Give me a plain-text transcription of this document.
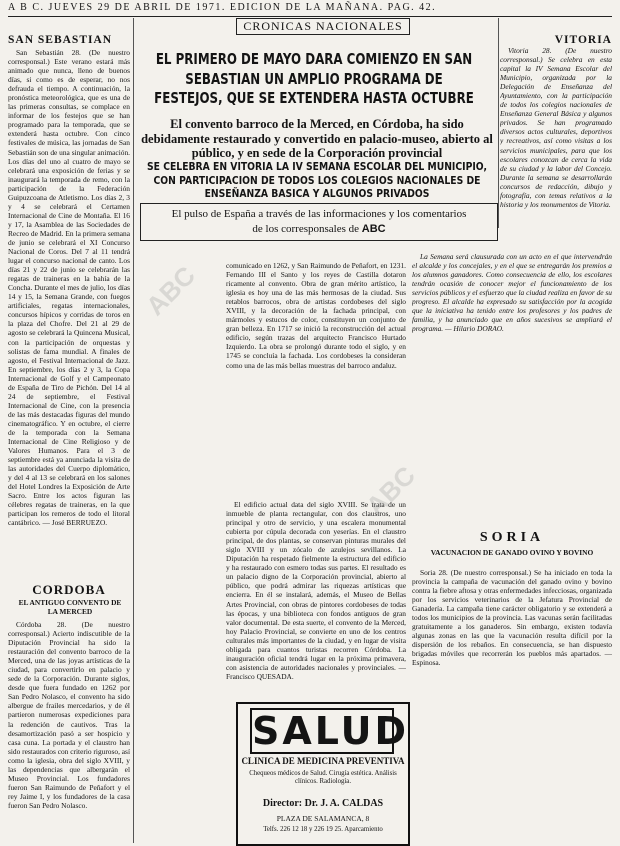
A B C. JUEVES 29 DE ABRIL DE 1971. EDICION DE LA MAÑANA. PAG. 42.
SAN SEBASTIAN
San Sebastián 28. (De nuestro corresponsal.) Este verano estará más animado que nunca, lleno de buenos días, si como es de esperar, no nos defrauda el tiempo. A continuación, la pronóstica meteorológica, que es una de las primeras consultas, se complace en informar de los festejos que se han programado para la temporada, que se extenderá hasta octubre. Con cinco festivales de música, las jornadas de San Sebastián son de una singular animación. Los días del uno al cuatro de mayo se celebrará una exposición de ferias y se inaugurará la temporada de remo, con la participación de la Federación Guipuzcoana de Atletismo. Los días 2, 3 y 4 se celebrará el Certamen Internacional de Cine de Montaña. El 16 y 17, la Asamblea de las Sociedades de Recreo de Madrid. En la primera semana de junio se celebrará el XI Concurso Nacional de Coros. Del 7 al 11 tendrá lugar el concurso nacional de canto. Los días 21 y 22 de junio se celebrarán las regatas de traineras en la bahía de la Concha. Durante el mes de julio, los días 14 y 15, la Semana Grande, con fuegos artificiales, regatas internacionales, concursos hípicos y corridas de toros en la plaza del Chofre. Del 21 al 29 de agosto se celebrará la Quincena Musical, con la participación de orquestas y solistas de fama mundial. A finales de agosto, el Festival Internacional de Jazz. En septiembre, los días 2 y 3, la Copa Internacional de Golf y el Campeonato de España de Tiro de Pichón. Del 14 al 24 de septiembre, el Festival Internacional de Cine, con la presencia de las más destacadas figuras del mundo cinematográfico. Y en octubre, el cierre de la temporada con la Semana Internacional de Cine Religioso y de Valores Humanos. Para el 3 de septiembre está ya anunciada la visita de las autoridades del Cuerpo diplomático, y del 4 al 13 se celebrará en los salones del Hotel Londres la Exposición de Arte Sacro. Entre los actos figuran las célebres regatas de traineras, en la que participan los remeros de todo el litoral cantábrico. — José BERRUEZO.
CORDOBA
EL ANTIGUO CONVENTO DE LA MERCED
Córdoba 28. (De nuestro corresponsal.) Acierto indiscutible de la Diputación Provincial ha sido la restauración del convento barroco de la Merced, una de las joyas artísticas de la ciudad, para convertirlo en palacio y sede de la Corporación. Durante siglos, desde que fuera fundado en 1262 por San Pedro Nolasco, el convento ha sido albergue de frailes mercedarios, y de él partieron numerosas expediciones para la redención de cautivos. Tras la desamortización pasó a ser hospicio y casa cuna. La portada y el claustro han sido restaurados con criterio riguroso, así como la iglesia, obra del siglo XVIII, y las dependencias que albergarán el Museo Provincial. Los fundadores fueron San Raimundo de Peñafort y el rey Jaime I, y los fundadores de la casa fueron San Pedro Nolasco.
CRONICAS NACIONALES
EL PRIMERO DE MAYO DARA COMIENZO EN SAN SEBASTIAN UN AMPLIO PROGRAMA DE FESTEJOS, QUE SE EXTENDERA HASTA OCTUBRE
El convento barroco de la Merced, en Córdoba, ha sido debidamente restaurado y convertido en palacio-museo, abierto al público, y en sede de la Corporación provincial
SE CELEBRA EN VITORIA LA IV SEMANA ESCOLAR DEL MUNICIPIO, CON PARTICIPACION DE TODOS LOS COLEGIOS NACIONALES DE ENSEÑANZA BASICA Y ALGUNOS PRIVADOS
El pulso de España a través de las informaciones y los comentarios
de los corresponsales de ABC
comunicado en 1262, y San Raimundo de Peñafort, en 1231. Fernando III el Santo y los reyes de Castilla dotaron ricamente al convento. Obra de gran mérito artístico, la iglesia es hoy una de las más hermosas de la ciudad. Sus retablos barrocos, obra de artistas cordobeses del siglo XVIII, y la decoración de la fachada principal, con mármoles y estucos de color, constituyen un conjunto de gran belleza. En 1717 se inició la reconstrucción del actual edificio, según trazas del arquitecto Francisco Hurtado Izquierdo. La obra se prolongó durante todo el siglo, y en 1745 se concluía la fachada. Los cordobeses la consideran como una de las más bellas muestras del barroco andaluz.
El edificio actual data del siglo XVIII. Se trata de un inmueble de planta rectangular, con dos claustros, uno principal y otro de servicio, y una escalera monumental cubierta por cúpula decorada con yeserías. En el claustro principal, de dos plantas, se conservan pinturas murales del siglo XVIII y un zócalo de azulejos sevillanos. La Diputación ha respetado fielmente la estructura del edificio y ha restaurado con esmero todas sus partes. El resultado es un palacio digno de la Corporación provincial, abierto al público, que podrá admirar las riquezas artísticas que encierra. En él se instalará, además, el Museo de Bellas Artes Provincial, con obras de pintores cordobeses de todas las épocas, y una biblioteca con fondos antiguos de gran valor documental. De esta suerte, el convento de la Merced, hoy Palacio Provincial, se convierte en uno de los centros culturales más importantes de la ciudad, y en lugar de visita obligada para cuantos turistas recorren Córdoba. La inauguración oficial tendrá lugar en la próxima primavera, con asistencia de autoridades nacionales y provinciales. — Francisco QUESADA.
VITORIA
Vitoria 28. (De nuestro corresponsal.) Se celebra en esta capital la IV Semana Escolar del Municipio, organizada por la Delegación de Enseñanza del Ayuntamiento, con la participación de todos los colegios nacionales de Enseñanza General Básica y algunos privados. Se han programado diversos actos culturales, deportivos y recreativos, así como visitas a los servicios municipales, para que los escolares conozcan de cerca la vida de su ciudad y la labor del Concejo. Durante la semana se desarrollarán concursos de redacción, dibujo y fotografía, con temas relativos a la historia y los monumentos de Vitoria.
La Semana será clausurada con un acto en el que intervendrán el alcalde y los concejales, y en el que se entregarán los premios a los alumnos ganadores. Como consecuencia de ello, los escolares tendrán ocasión de conocer mejor el funcionamiento de los servicios públicos y el esfuerzo que la ciudad realiza en favor de su progreso. El alcalde ha expresado su satisfacción por la acogida que la iniciativa ha tenido entre los profesores y los padres de familia, y ha anunciado que en años sucesivos se ampliará el programa. — Hilario DORAO.
SORIA
VACUNACION DE GANADO OVINO Y BOVINO
Soria 28. (De nuestro corresponsal.) Se ha iniciado en toda la provincia la campaña de vacunación del ganado ovino y bovino contra la fiebre aftosa y otras enfermedades infecciosas, organizada por los servicios veterinarios de la Jefatura Provincial de Ganadería. La campaña tiene carácter obligatorio y se extenderá a todos los municipios de la provincia. Las vacunas serán facilitadas gratuitamente a los ganaderos. Sin embargo, existen todavía algunas zonas en las que la vacunación resulta difícil por la dispersión de los rebaños. En consecuencia, se han dispuesto brigadas móviles que recorrerán los pueblos más apartados. — Espinosa.
SALUD
CLINICA DE MEDICINA PREVENTIVA
Chequeos médicos de Salud. Cirugía estética. Análisis clínicos. Radiología.
Director: Dr. J. A. CALDAS
PLAZA DE SALAMANCA, 8
Telfs. 226 12 18 y 226 19 25. Aparcamiento
ABC
ABC
